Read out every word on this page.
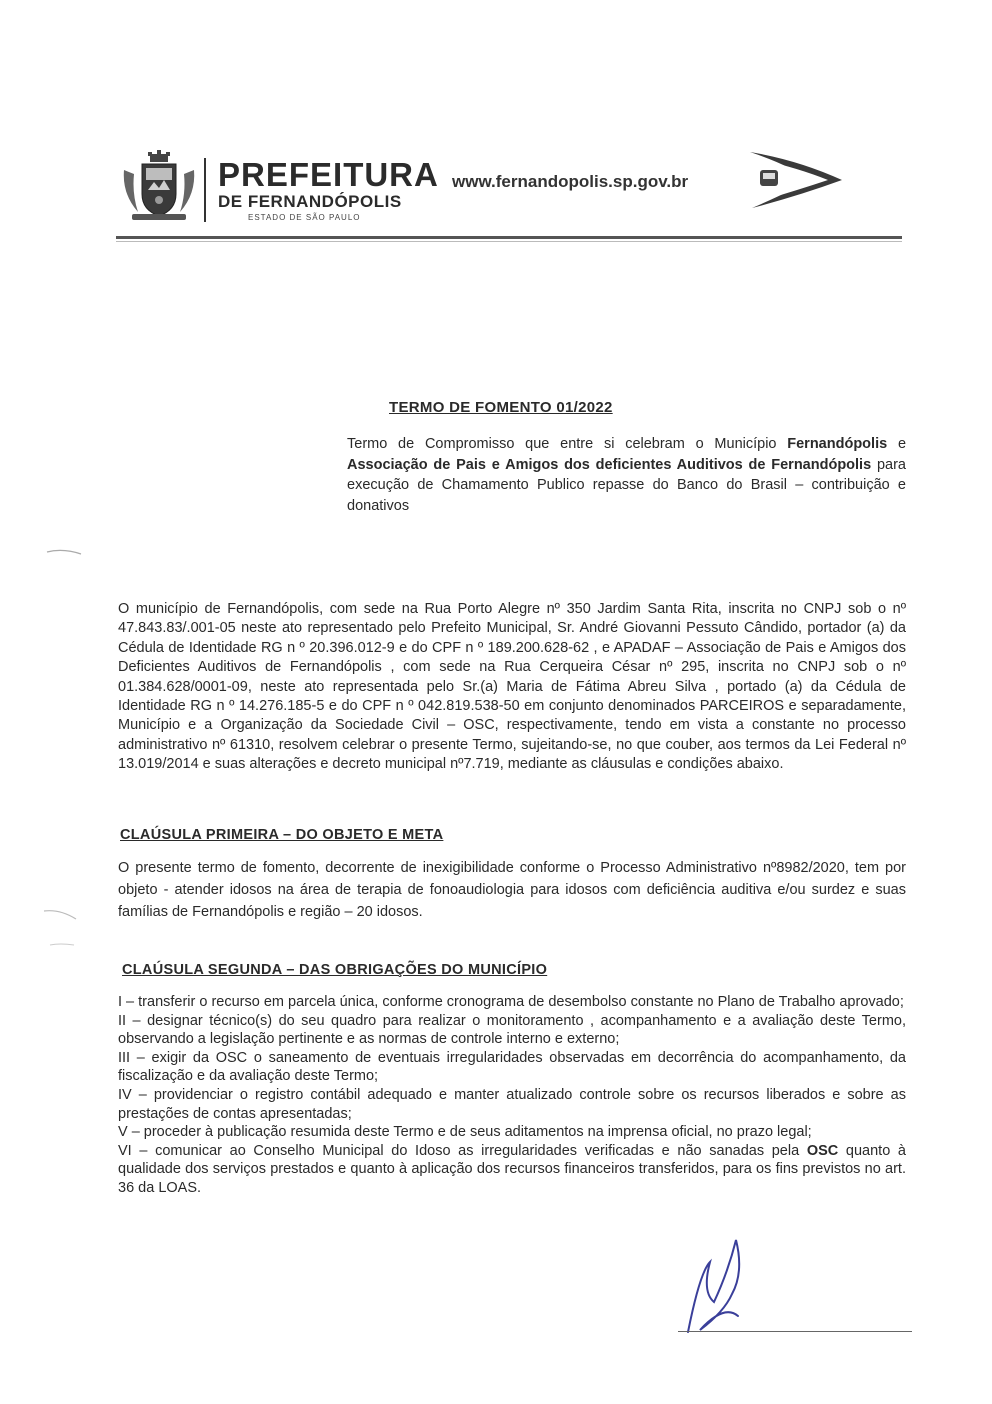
PREFEITURA
DE FERNANDÓPOLIS
ESTADO DE SÃO PAULO
www.fernandopolis.sp.gov.br
TERMO DE FOMENTO 01/2022
Termo de Compromisso que entre si celebram o Município Fernandópolis e Associação de Pais e Amigos dos deficientes Auditivos de Fernandópolis para execução de Chamamento Publico repasse do Banco do Brasil – contribuição e donativos
O município de Fernandópolis, com sede na Rua Porto Alegre nº 350 Jardim Santa Rita, inscrita no CNPJ sob o nº 47.843.83/.001-05 neste ato representado pelo Prefeito Municipal, Sr. André Giovanni Pessuto Cândido, portador (a) da Cédula de Identidade RG n º 20.396.012-9 e do CPF n º 189.200.628-62 , e APADAF – Associação de Pais e Amigos dos Deficientes Auditivos de Fernandópolis , com sede na Rua Cerqueira César nº 295, inscrita no CNPJ sob o nº 01.384.628/0001-09, neste ato representada pelo Sr.(a) Maria de Fátima Abreu Silva , portado (a) da Cédula de Identidade RG n º 14.276.185-5 e do CPF n º 042.819.538-50 em conjunto denominados PARCEIROS e separadamente, Município e a Organização da Sociedade Civil – OSC, respectivamente, tendo em vista a constante no processo administrativo nº 61310, resolvem celebrar o presente Termo, sujeitando-se, no que couber, aos termos da Lei Federal nº 13.019/2014 e suas alterações e decreto municipal nº7.719, mediante as cláusulas e condições abaixo.
CLAÚSULA PRIMEIRA – DO OBJETO E META
O presente termo de fomento, decorrente de inexigibilidade conforme o Processo Administrativo nº8982/2020, tem por objeto - atender idosos na área de terapia de fonoaudiologia para idosos com deficiência auditiva e/ou surdez e suas famílias de Fernandópolis e região – 20 idosos.
CLAÚSULA SEGUNDA – DAS OBRIGAÇÕES DO MUNICÍPIO
I – transferir o recurso em parcela única, conforme cronograma de desembolso constante no Plano de Trabalho aprovado;
II – designar técnico(s) do seu quadro para realizar o monitoramento , acompanhamento e a avaliação deste Termo, observando a legislação pertinente e as normas de controle interno e externo;
III – exigir da OSC o saneamento de eventuais irregularidades observadas em decorrência do acompanhamento, da fiscalização e da avaliação deste Termo;
IV – providenciar o registro contábil adequado e manter atualizado controle sobre os recursos liberados e sobre as prestações de contas apresentadas;
V – proceder à publicação resumida deste Termo e de seus aditamentos na imprensa oficial, no prazo legal;
VI – comunicar ao Conselho Municipal do Idoso as irregularidades verificadas e não sanadas pela OSC quanto à qualidade dos serviços prestados e quanto à aplicação dos recursos financeiros transferidos, para os fins previstos no art. 36 da LOAS.
